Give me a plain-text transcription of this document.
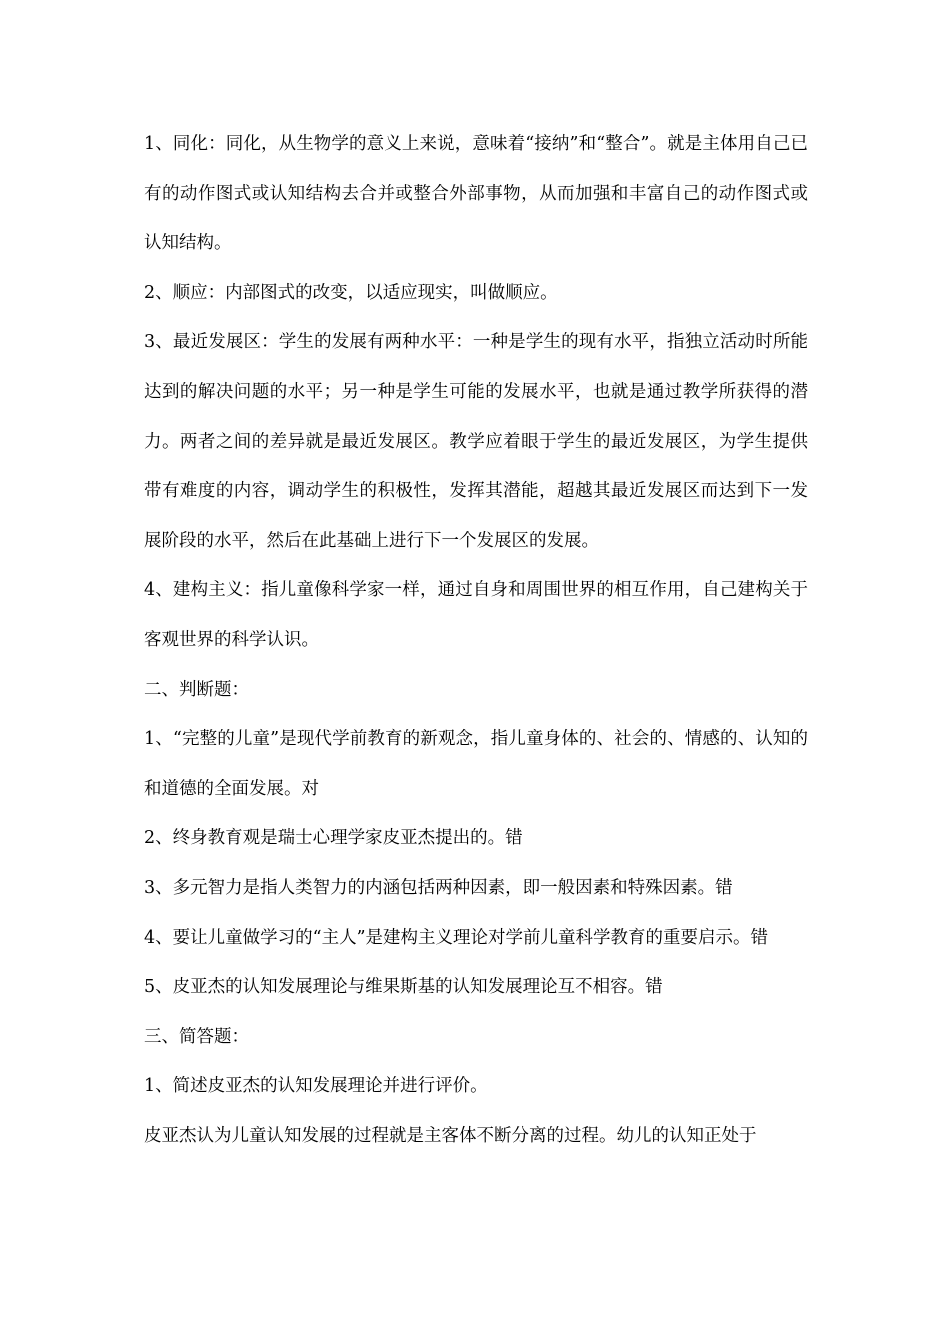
1、同化：同化，从生物学的意义上来说，意味着“接纳”和“整合”。就是主体用自己已有的动作图式或认知结构去合并或整合外部事物，从而加强和丰富自己的动作图式或认知结构。

2、顺应：内部图式的改变，以适应现实，叫做顺应。

3、最近发展区：学生的发展有两种水平：一种是学生的现有水平，指独立活动时所能达到的解决问题的水平；另一种是学生可能的发展水平，也就是通过教学所获得的潜力。两者之间的差异就是最近发展区。教学应着眼于学生的最近发展区，为学生提供带有难度的内容，调动学生的积极性，发挥其潜能，超越其最近发展区而达到下一发展阶段的水平，然后在此基础上进行下一个发展区的发展。

4、建构主义：指儿童像科学家一样，通过自身和周围世界的相互作用，自己建构关于客观世界的科学认识。

二、判断题：

1、“完整的儿童”是现代学前教育的新观念，指儿童身体的、社会的、情感的、认知的和道德的全面发展。对

2、终身教育观是瑞士心理学家皮亚杰提出的。错

3、多元智力是指人类智力的内涵包括两种因素，即一般因素和特殊因素。错

4、要让儿童做学习的“主人”是建构主义理论对学前儿童科学教育的重要启示。错

5、皮亚杰的认知发展理论与维果斯基的认知发展理论互不相容。错

三、简答题：

1、简述皮亚杰的认知发展理论并进行评价。

皮亚杰认为儿童认知发展的过程就是主客体不断分离的过程。幼儿的认知正处于
